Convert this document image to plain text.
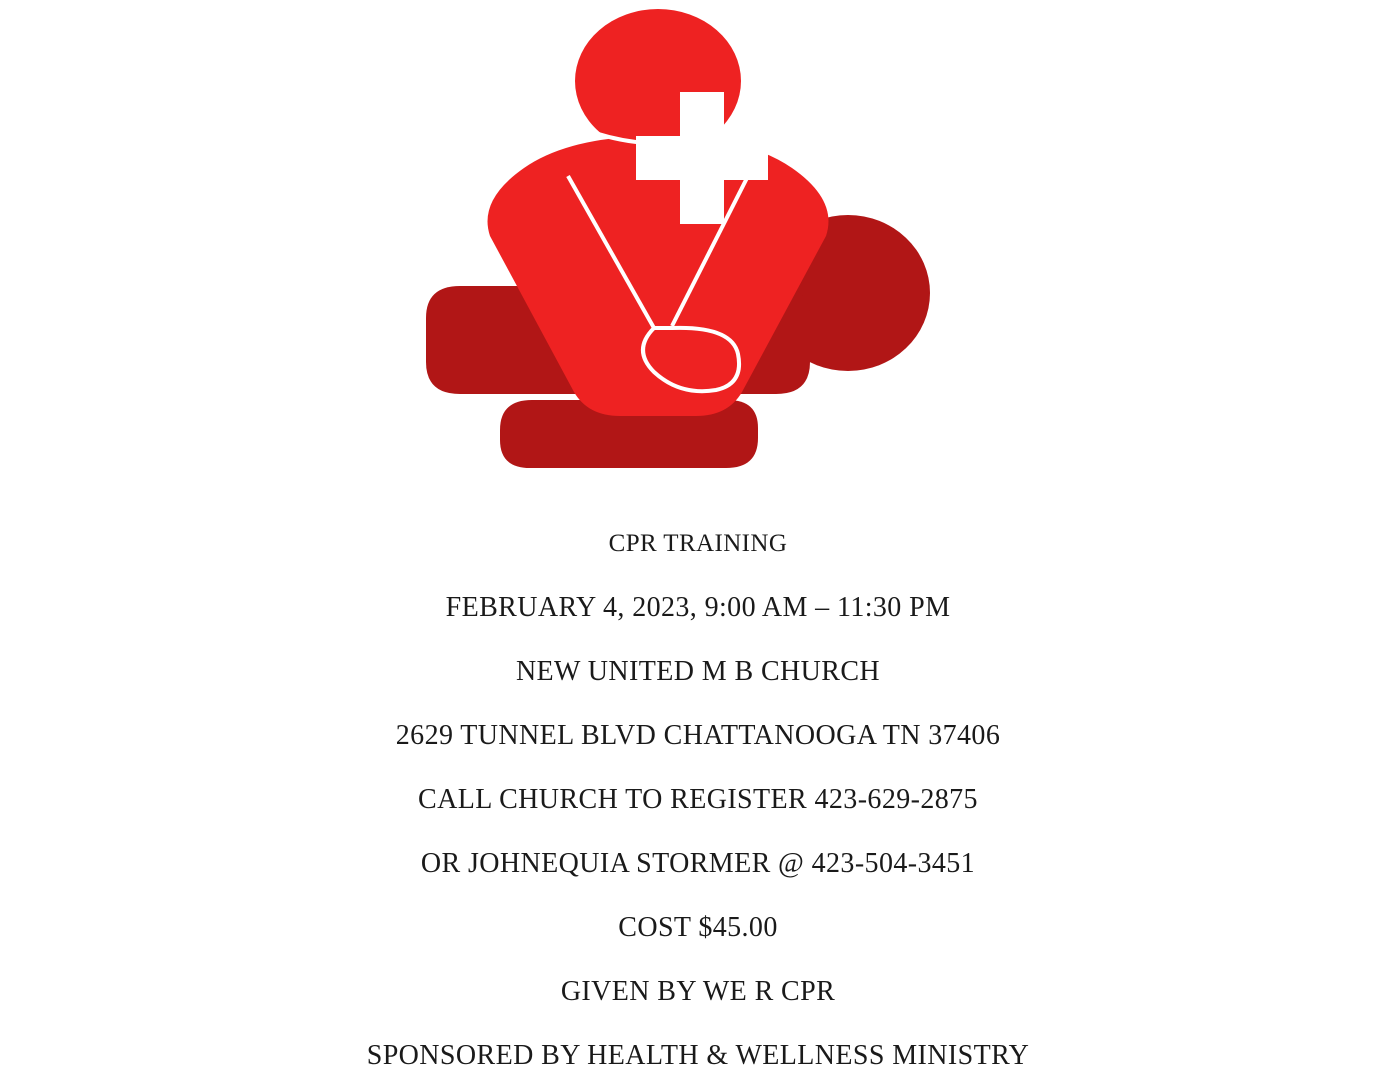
CPR TRAINING
FEBRUARY 4, 2023, 9:00 AM – 11:30 PM
NEW UNITED M B CHURCH
2629 TUNNEL BLVD CHATTANOOGA TN 37406
CALL CHURCH TO REGISTER 423-629-2875
OR JOHNEQUIA STORMER @ 423-504-3451
COST $45.00
GIVEN BY WE R CPR
SPONSORED BY HEALTH & WELLNESS MINISTRY
